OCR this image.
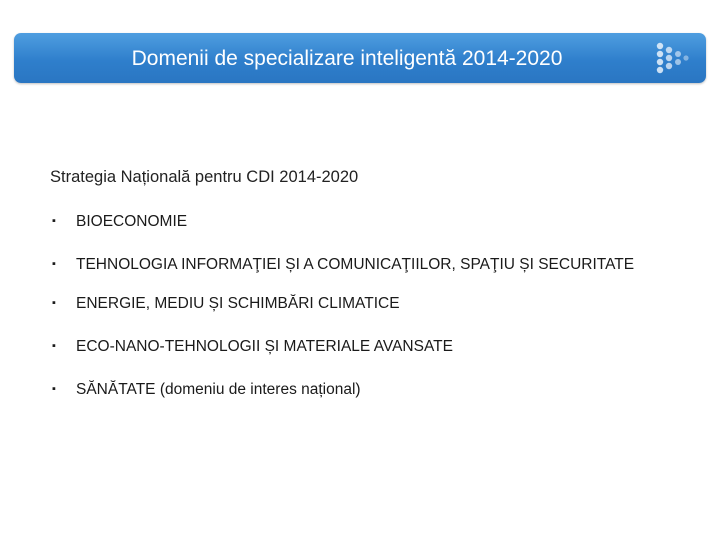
Domenii de specializare inteligentă 2014-2020
Strategia Națională pentru CDI 2014-2020
▪ BIOECONOMIE
▪ TEHNOLOGIA INFORMAŢIEI ȘI A COMUNICAŢIILOR, SPAŢIU ȘI SECURITATE
▪ ENERGIE, MEDIU ȘI SCHIMBĂRI CLIMATICE
▪ ECO-NANO-TEHNOLOGII ȘI MATERIALE AVANSATE
▪ SĂNĂTATE (domeniu de interes național)
